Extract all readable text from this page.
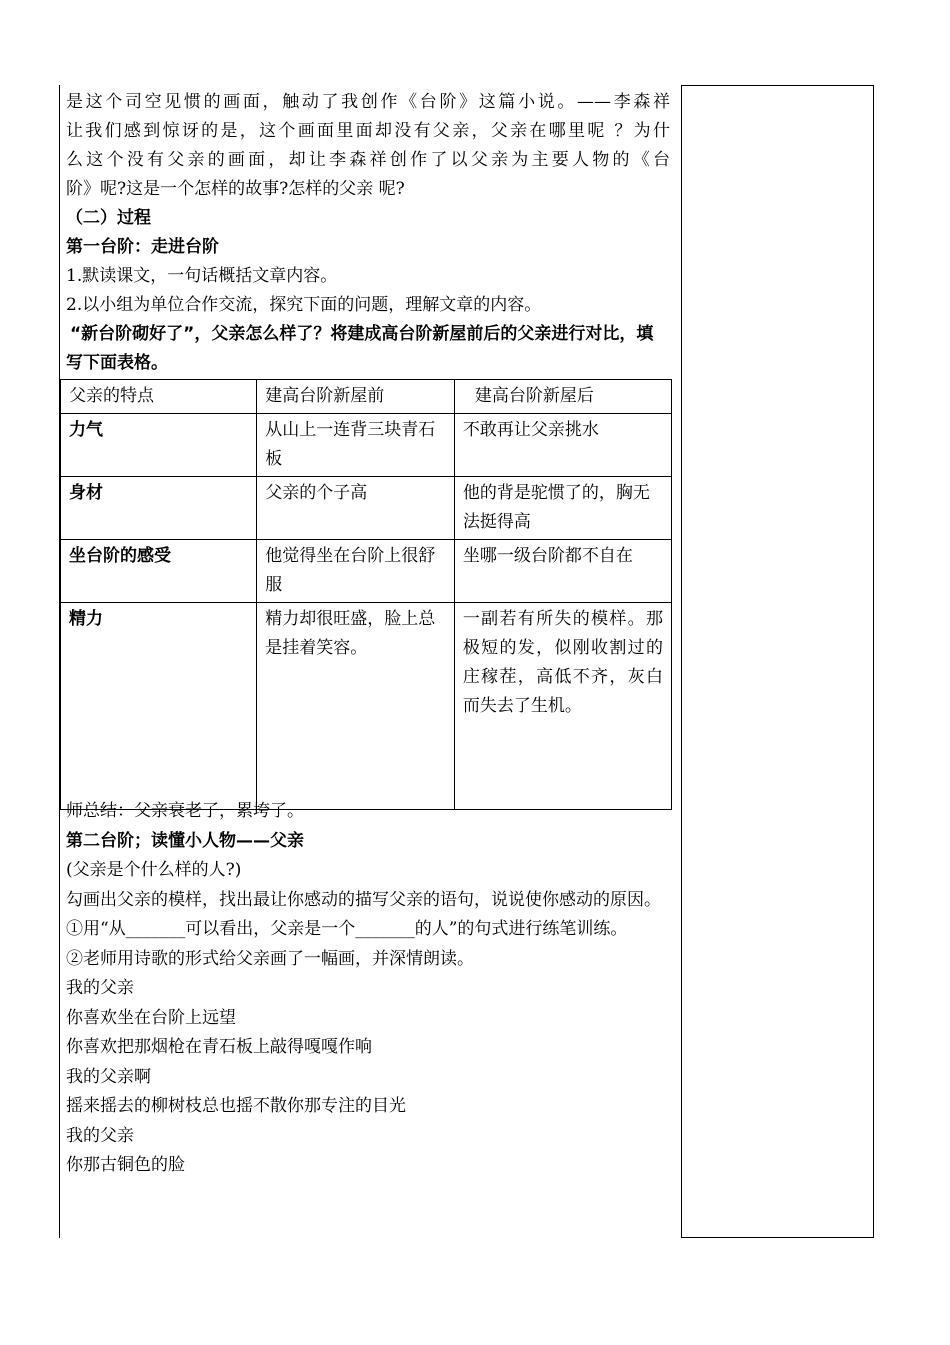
是这个司空见惯的画面，触动了我创作《台阶》这篇小说。——李森祥

让我们感到惊讶的是，这个画面里面却没有父亲，父亲在哪里呢 ？为什

么这个没有父亲的画面，却让李森祥创作了以父亲为主要人物的《台

阶》呢?这是一个怎样的故事?怎样的父亲 呢?

（二）过程

第一台阶：走进台阶

1.默读课文，一句话概括文章内容。

2.以小组为单位合作交流，探究下面的问题，理解文章的内容。

“新台阶砌好了”，父亲怎么样了？将建成高台阶新屋前后的父亲进行对比，填写下面表格。

父亲的特点	建高台阶新屋前	建高台阶新屋后
力气	从山上一连背三块青石板	不敢再让父亲挑水
身材	父亲的个子高	他的背是驼惯了的，胸无法挺得高
坐台阶的感受	他觉得坐在台阶上很舒服	坐哪一级台阶都不自在
精力	精力却很旺盛，脸上总是挂着笑容。	一副若有所失的模样。那极短的发，似刚收割过的庄稼茬，高低不齐，灰白而失去了生机。

师总结：父亲衰老了，累垮了。

第二台阶；读懂小人物——父亲

(父亲是个什么样的人?)

勾画出父亲的模样，找出最让你感动的描写父亲的语句，说说使你感动的原因。

①用“从_______可以看出，父亲是一个_______的人”的句式进行练笔训练。

②老师用诗歌的形式给父亲画了一幅画，并深情朗读。

我的父亲

你喜欢坐在台阶上远望

你喜欢把那烟枪在青石板上敲得嘎嘎作响

我的父亲啊

摇来摇去的柳树枝总也摇不散你那专注的目光

我的父亲

你那古铜色的脸
